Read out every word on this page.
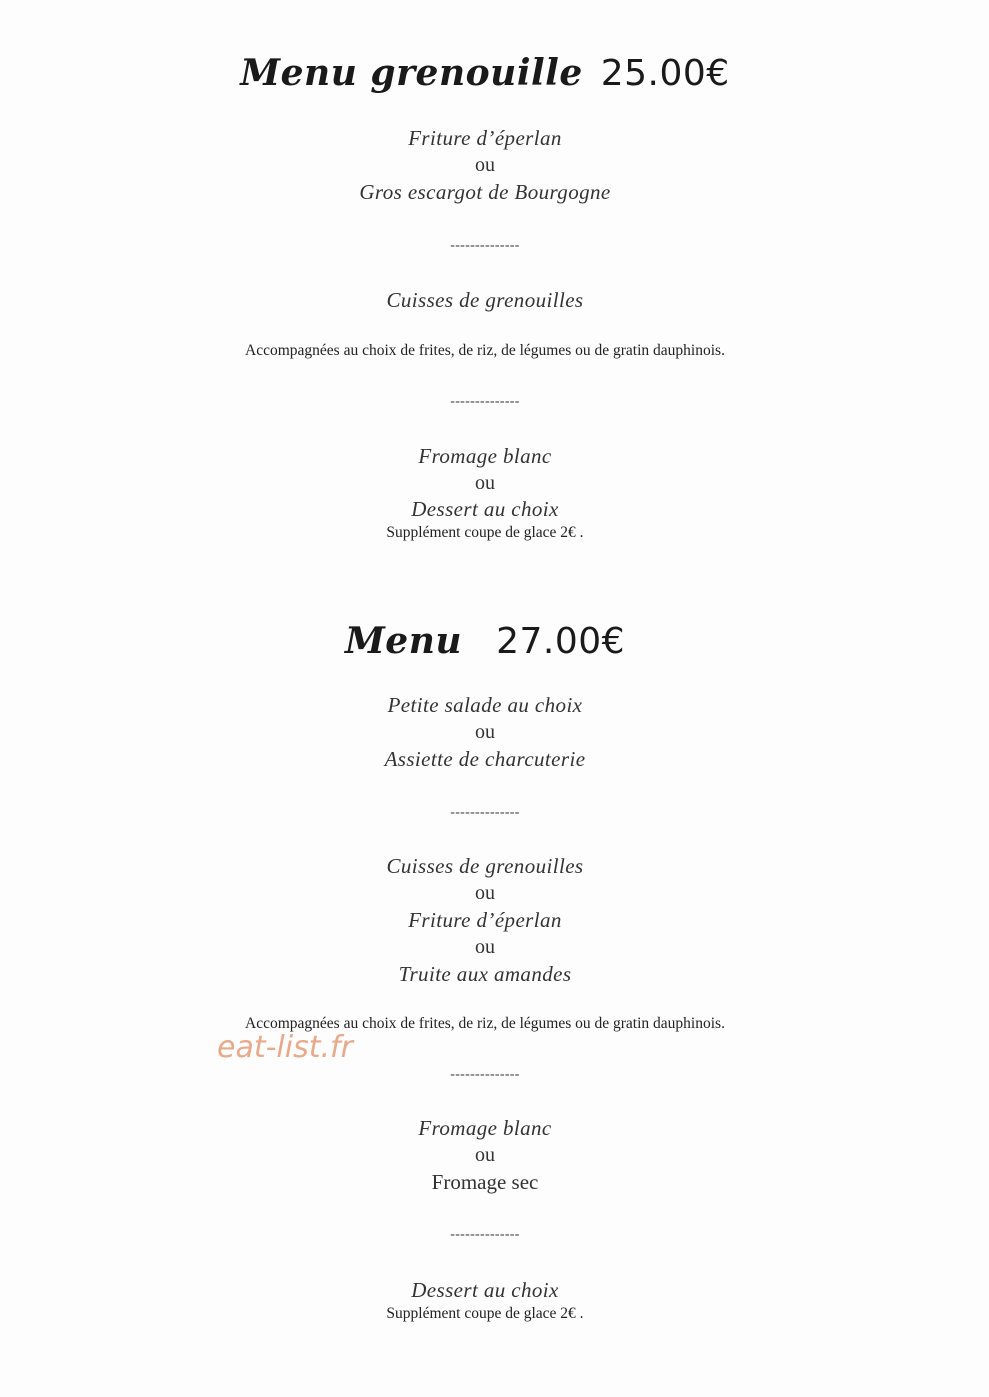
Menu grenouille 25.00€
Friture d’éperlan
ou
Gros escargot de Bourgogne
--------------
Cuisses de grenouilles
Accompagnées au choix de frites, de riz, de légumes ou de gratin dauphinois.
--------------
Fromage blanc
ou
Dessert au choix
Supplément coupe de glace 2€ .
Menu 27.00€
Petite salade au choix
ou
Assiette de charcuterie
--------------
Cuisses de grenouilles
ou
Friture d’éperlan
ou
Truite aux amandes
Accompagnées au choix de frites, de riz, de légumes ou de gratin dauphinois.
--------------
Fromage blanc
ou
Fromage sec
--------------
Dessert au choix
Supplément coupe de glace 2€ .
eat-list.fr
